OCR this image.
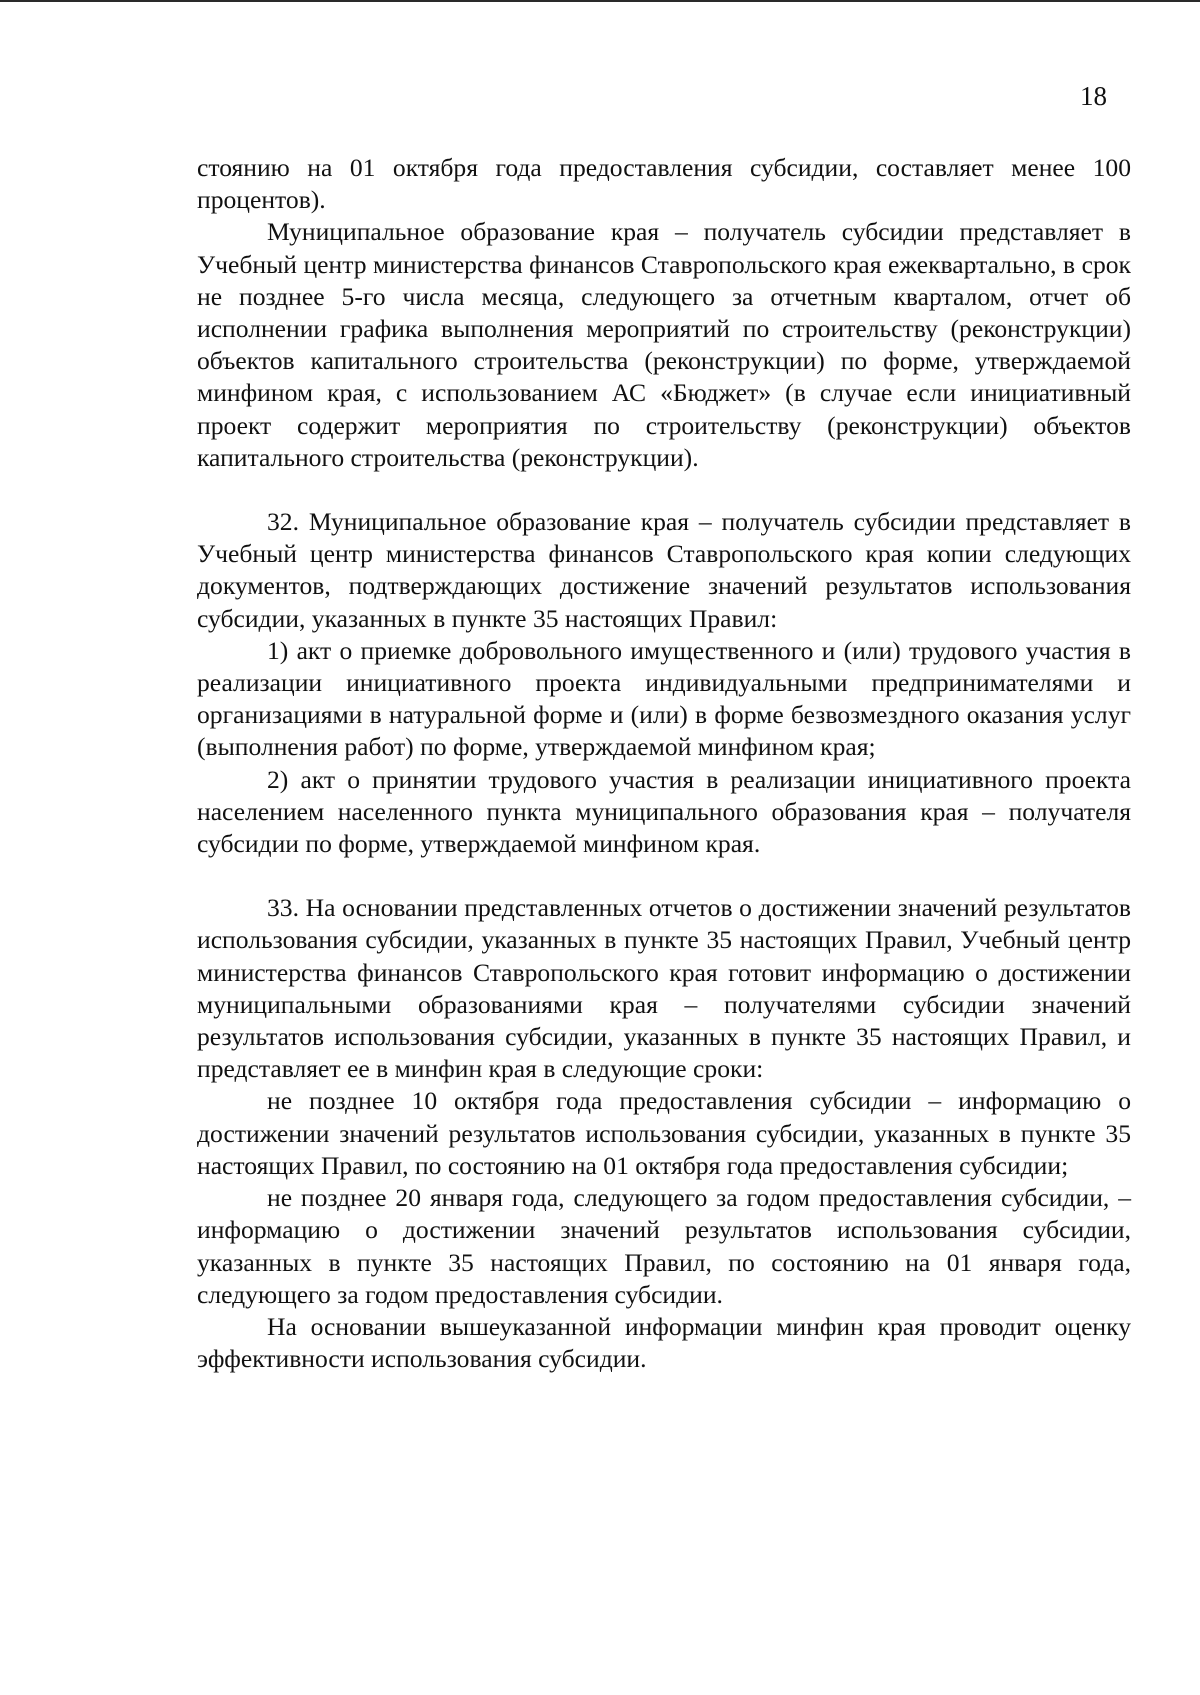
18

стоянию на 01 октября года предоставления субсидии, составляет менее 100 процентов).

Муниципальное образование края – получатель субсидии представляет в Учебный центр министерства финансов Ставропольского края ежеквартально, в срок не позднее 5-го числа месяца, следующего за отчетным кварталом, отчет об исполнении графика выполнения мероприятий по строительству (реконструкции) объектов капитального строительства (реконструкции) по форме, утверждаемой минфином края, с использованием АС «Бюджет» (в случае если инициативный проект содержит мероприятия по строительству (реконструкции) объектов капитального строительства (реконструкции).

32. Муниципальное образование края – получатель субсидии представляет в Учебный центр министерства финансов Ставропольского края копии следующих документов, подтверждающих достижение значений результатов использования субсидии, указанных в пункте 35 настоящих Правил:

1) акт о приемке добровольного имущественного и (или) трудового участия в реализации инициативного проекта индивидуальными предпринимателями и организациями в натуральной форме и (или) в форме безвозмездного оказания услуг (выполнения работ) по форме, утверждаемой минфином края;

2) акт о принятии трудового участия в реализации инициативного проекта населением населенного пункта муниципального образования края – получателя субсидии по форме, утверждаемой минфином края.

33. На основании представленных отчетов о достижении значений результатов использования субсидии, указанных в пункте 35 настоящих Правил, Учебный центр министерства финансов Ставропольского края готовит информацию о достижении муниципальными образованиями края – получателями субсидии значений результатов использования субсидии, указанных в пункте 35 настоящих Правил, и представляет ее в минфин края в следующие сроки:

не позднее 10 октября года предоставления субсидии – информацию о достижении значений результатов использования субсидии, указанных в пункте 35 настоящих Правил, по состоянию на 01 октября года предоставления субсидии;

не позднее 20 января года, следующего за годом предоставления субсидии, – информацию о достижении значений результатов использования субсидии, указанных в пункте 35 настоящих Правил, по состоянию на 01 января года, следующего за годом предоставления субсидии.

На основании вышеуказанной информации минфин края проводит оценку эффективности использования субсидии.
